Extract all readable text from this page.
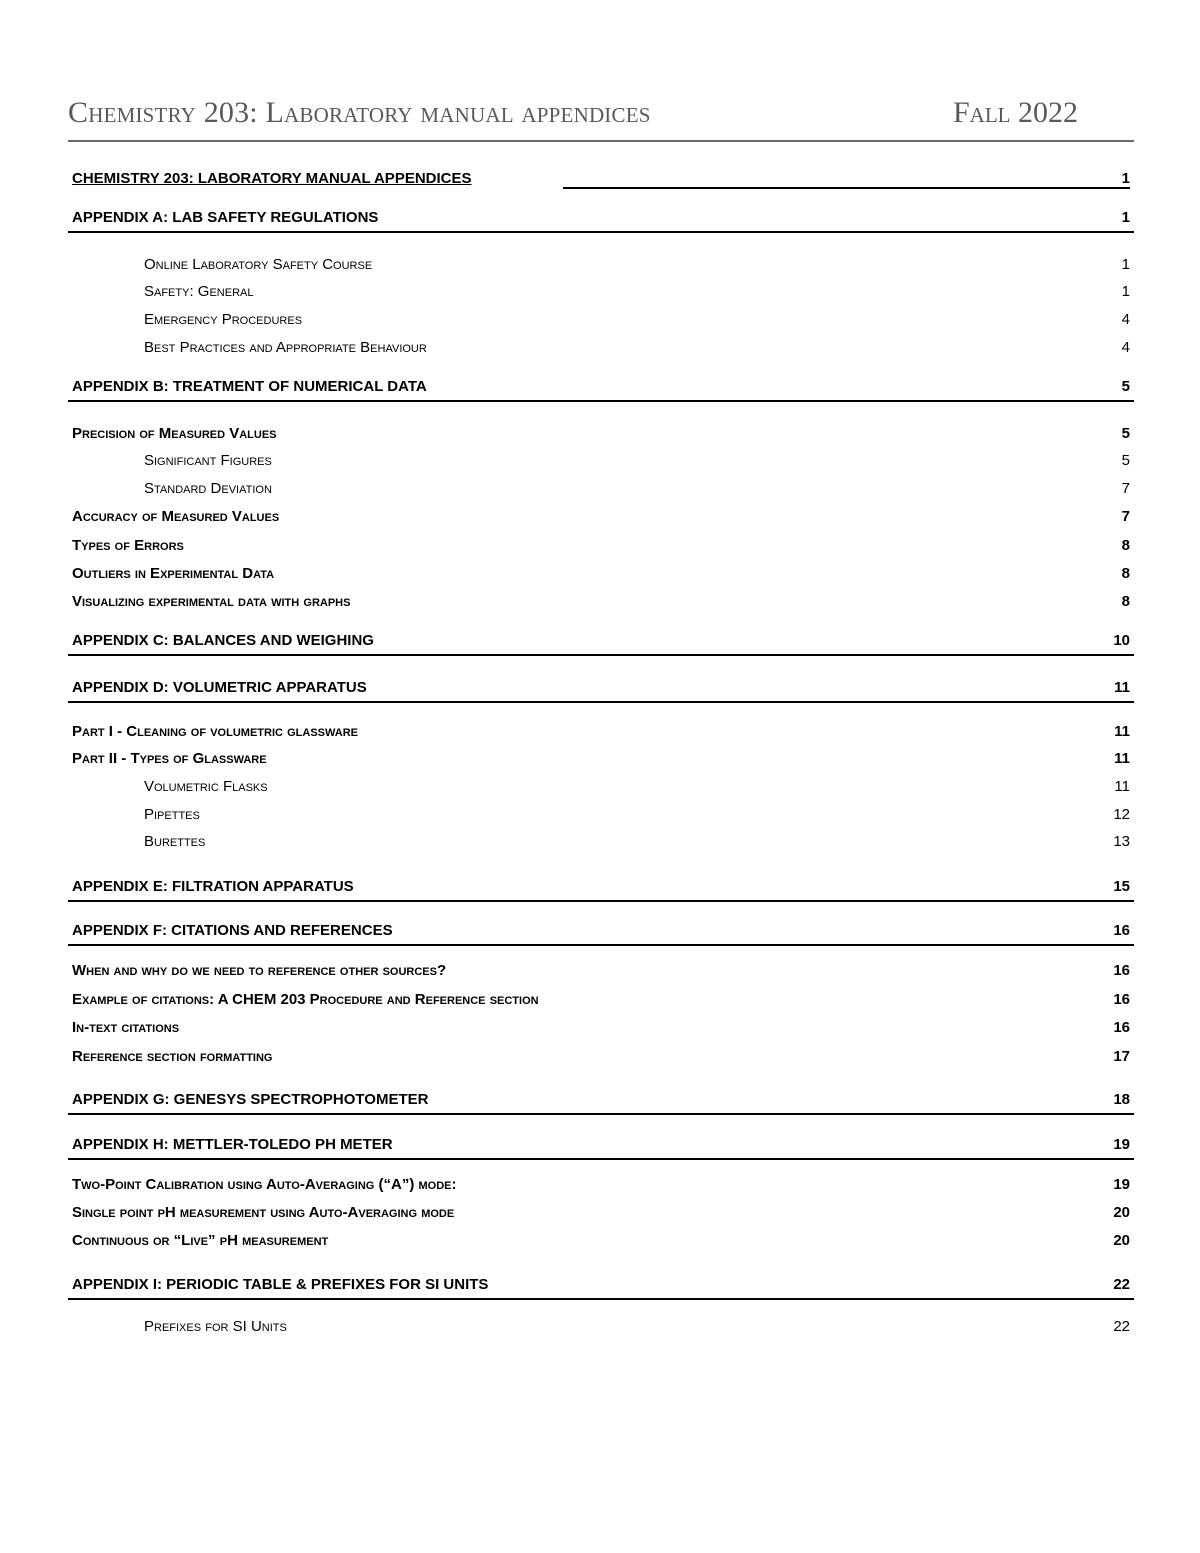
Chemistry 203: Laboratory manual appendices	Fall 2022
CHEMISTRY 203: LABORATORY MANUAL APPENDICES	1
APPENDIX A: LAB SAFETY REGULATIONS	1
Online Laboratory Safety Course	1
Safety: General	1
Emergency Procedures	4
Best Practices and Appropriate Behaviour	4
APPENDIX B: TREATMENT OF NUMERICAL DATA	5
Precision of Measured Values	5
Significant Figures	5
Standard Deviation	7
Accuracy of Measured Values	7
Types of Errors	8
Outliers in Experimental Data	8
Visualizing experimental data with graphs	8
APPENDIX C: BALANCES AND WEIGHING	10
APPENDIX D: VOLUMETRIC APPARATUS	11
Part I - Cleaning of volumetric glassware	11
Part II - Types of Glassware	11
Volumetric Flasks	11
Pipettes	12
Burettes	13
APPENDIX E: FILTRATION APPARATUS	15
APPENDIX F: CITATIONS AND REFERENCES	16
When and why do we need to reference other sources?	16
Example of citations: A CHEM 203 Procedure and Reference section	16
In-text citations	16
Reference section formatting	17
APPENDIX G: GENESYS SPECTROPHOTOMETER	18
APPENDIX H: METTLER-TOLEDO PH METER	19
Two-Point Calibration using Auto-Averaging (“A”) mode:	19
Single point pH measurement using Auto-Averaging mode	20
Continuous or “Live” pH measurement	20
APPENDIX I: PERIODIC TABLE & PREFIXES FOR SI UNITS	22
Prefixes for SI Units	22
